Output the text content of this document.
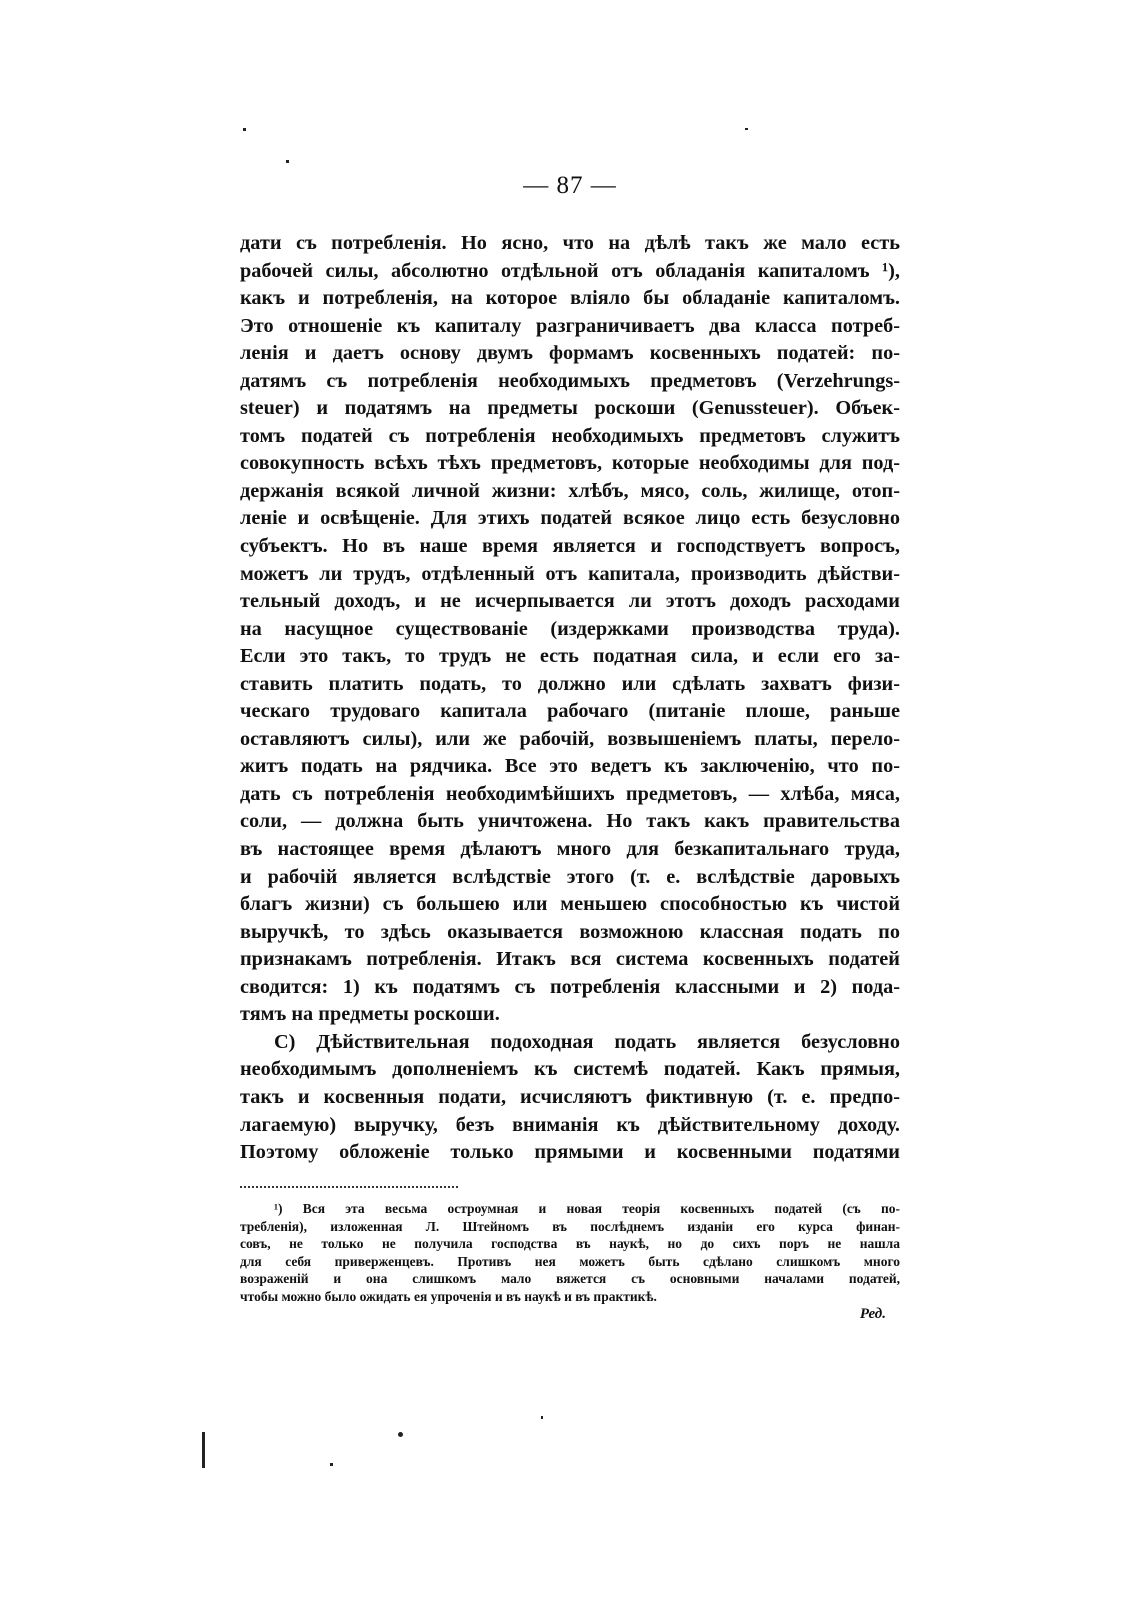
— 87 —
дати съ потребленія. Но ясно, что на дѣлѣ такъ же мало есть
рабочей силы, абсолютно отдѣльной отъ обладанія капиталомъ ¹),
какъ и потребленія, на которое вліяло бы обладаніе капиталомъ.
Это отношеніе къ капиталу разграничиваетъ два класса потреб-
ленія и даетъ основу двумъ формамъ косвенныхъ податей: по-
датямъ съ потребленія необходимыхъ предметовъ (Verzehrungs-
steuer) и податямъ на предметы роскоши (Genussteuer). Объек-
томъ податей съ потребленія необходимыхъ предметовъ служитъ
совокупность всѣхъ тѣхъ предметовъ, которые необходимы для под-
держанія всякой личной жизни: хлѣбъ, мясо, соль, жилище, отоп-
леніе и освѣщеніе. Для этихъ податей всякое лицо есть безусловно
субъектъ. Но въ наше время является и господствуетъ вопросъ,
можетъ ли трудъ, отдѣленный отъ капитала, производить дѣйстви-
тельный доходъ, и не исчерпывается ли этотъ доходъ расходами
на насущное существованіе (издержками производства труда).
Если это такъ, то трудъ не есть податная сила, и если его за-
ставить платить подать, то должно или сдѣлать захватъ физи-
ческаго трудоваго капитала рабочаго (питаніе плоше, раньше
оставляютъ силы), или же рабочій, возвышеніемъ платы, перело-
житъ подать на рядчика. Все это ведетъ къ заключенію, что по-
дать съ потребленія необходимѣйшихъ предметовъ, — хлѣба, мяса,
соли, — должна быть уничтожена. Но такъ какъ правительства
въ настоящее время дѣлаютъ много для безкапитальнаго труда,
и рабочій является вслѣдствіе этого (т. е. вслѣдствіе даровыхъ
благъ жизни) съ большею или меньшею способностью къ чистой
выручкѣ, то здѣсь оказывается возможною классная подать по
признакамъ потребленія. Итакъ вся система косвенныхъ податей
сводится: 1) къ податямъ съ потребленія классными и 2) пода-
тямъ на предметы роскоши.
С) Дѣйствительная подоходная подать является безусловно
необходимымъ дополненіемъ къ системѣ податей. Какъ прямыя,
такъ и косвенныя подати, исчисляютъ фиктивную (т. е. предпо-
лагаемую) выручку, безъ вниманія къ дѣйствительному доходу.
Поэтому обложеніе только прямыми и косвенными податями
¹) Вся эта весьма остроумная и новая теорія косвенныхъ податей (съ по-
требленія), изложенная Л. Штейномъ въ послѣднемъ изданіи его курса финан-
совъ, не только не получила господства въ наукѣ, но до сихъ поръ не нашла
для себя приверженцевъ. Противъ нея можетъ быть сдѣлано слишкомъ много
возраженій и она слишкомъ мало вяжется съ основными началами податей,
чтобы можно было ожидать ея упроченія и въ наукѣ и въ практикѣ.
Ред.
